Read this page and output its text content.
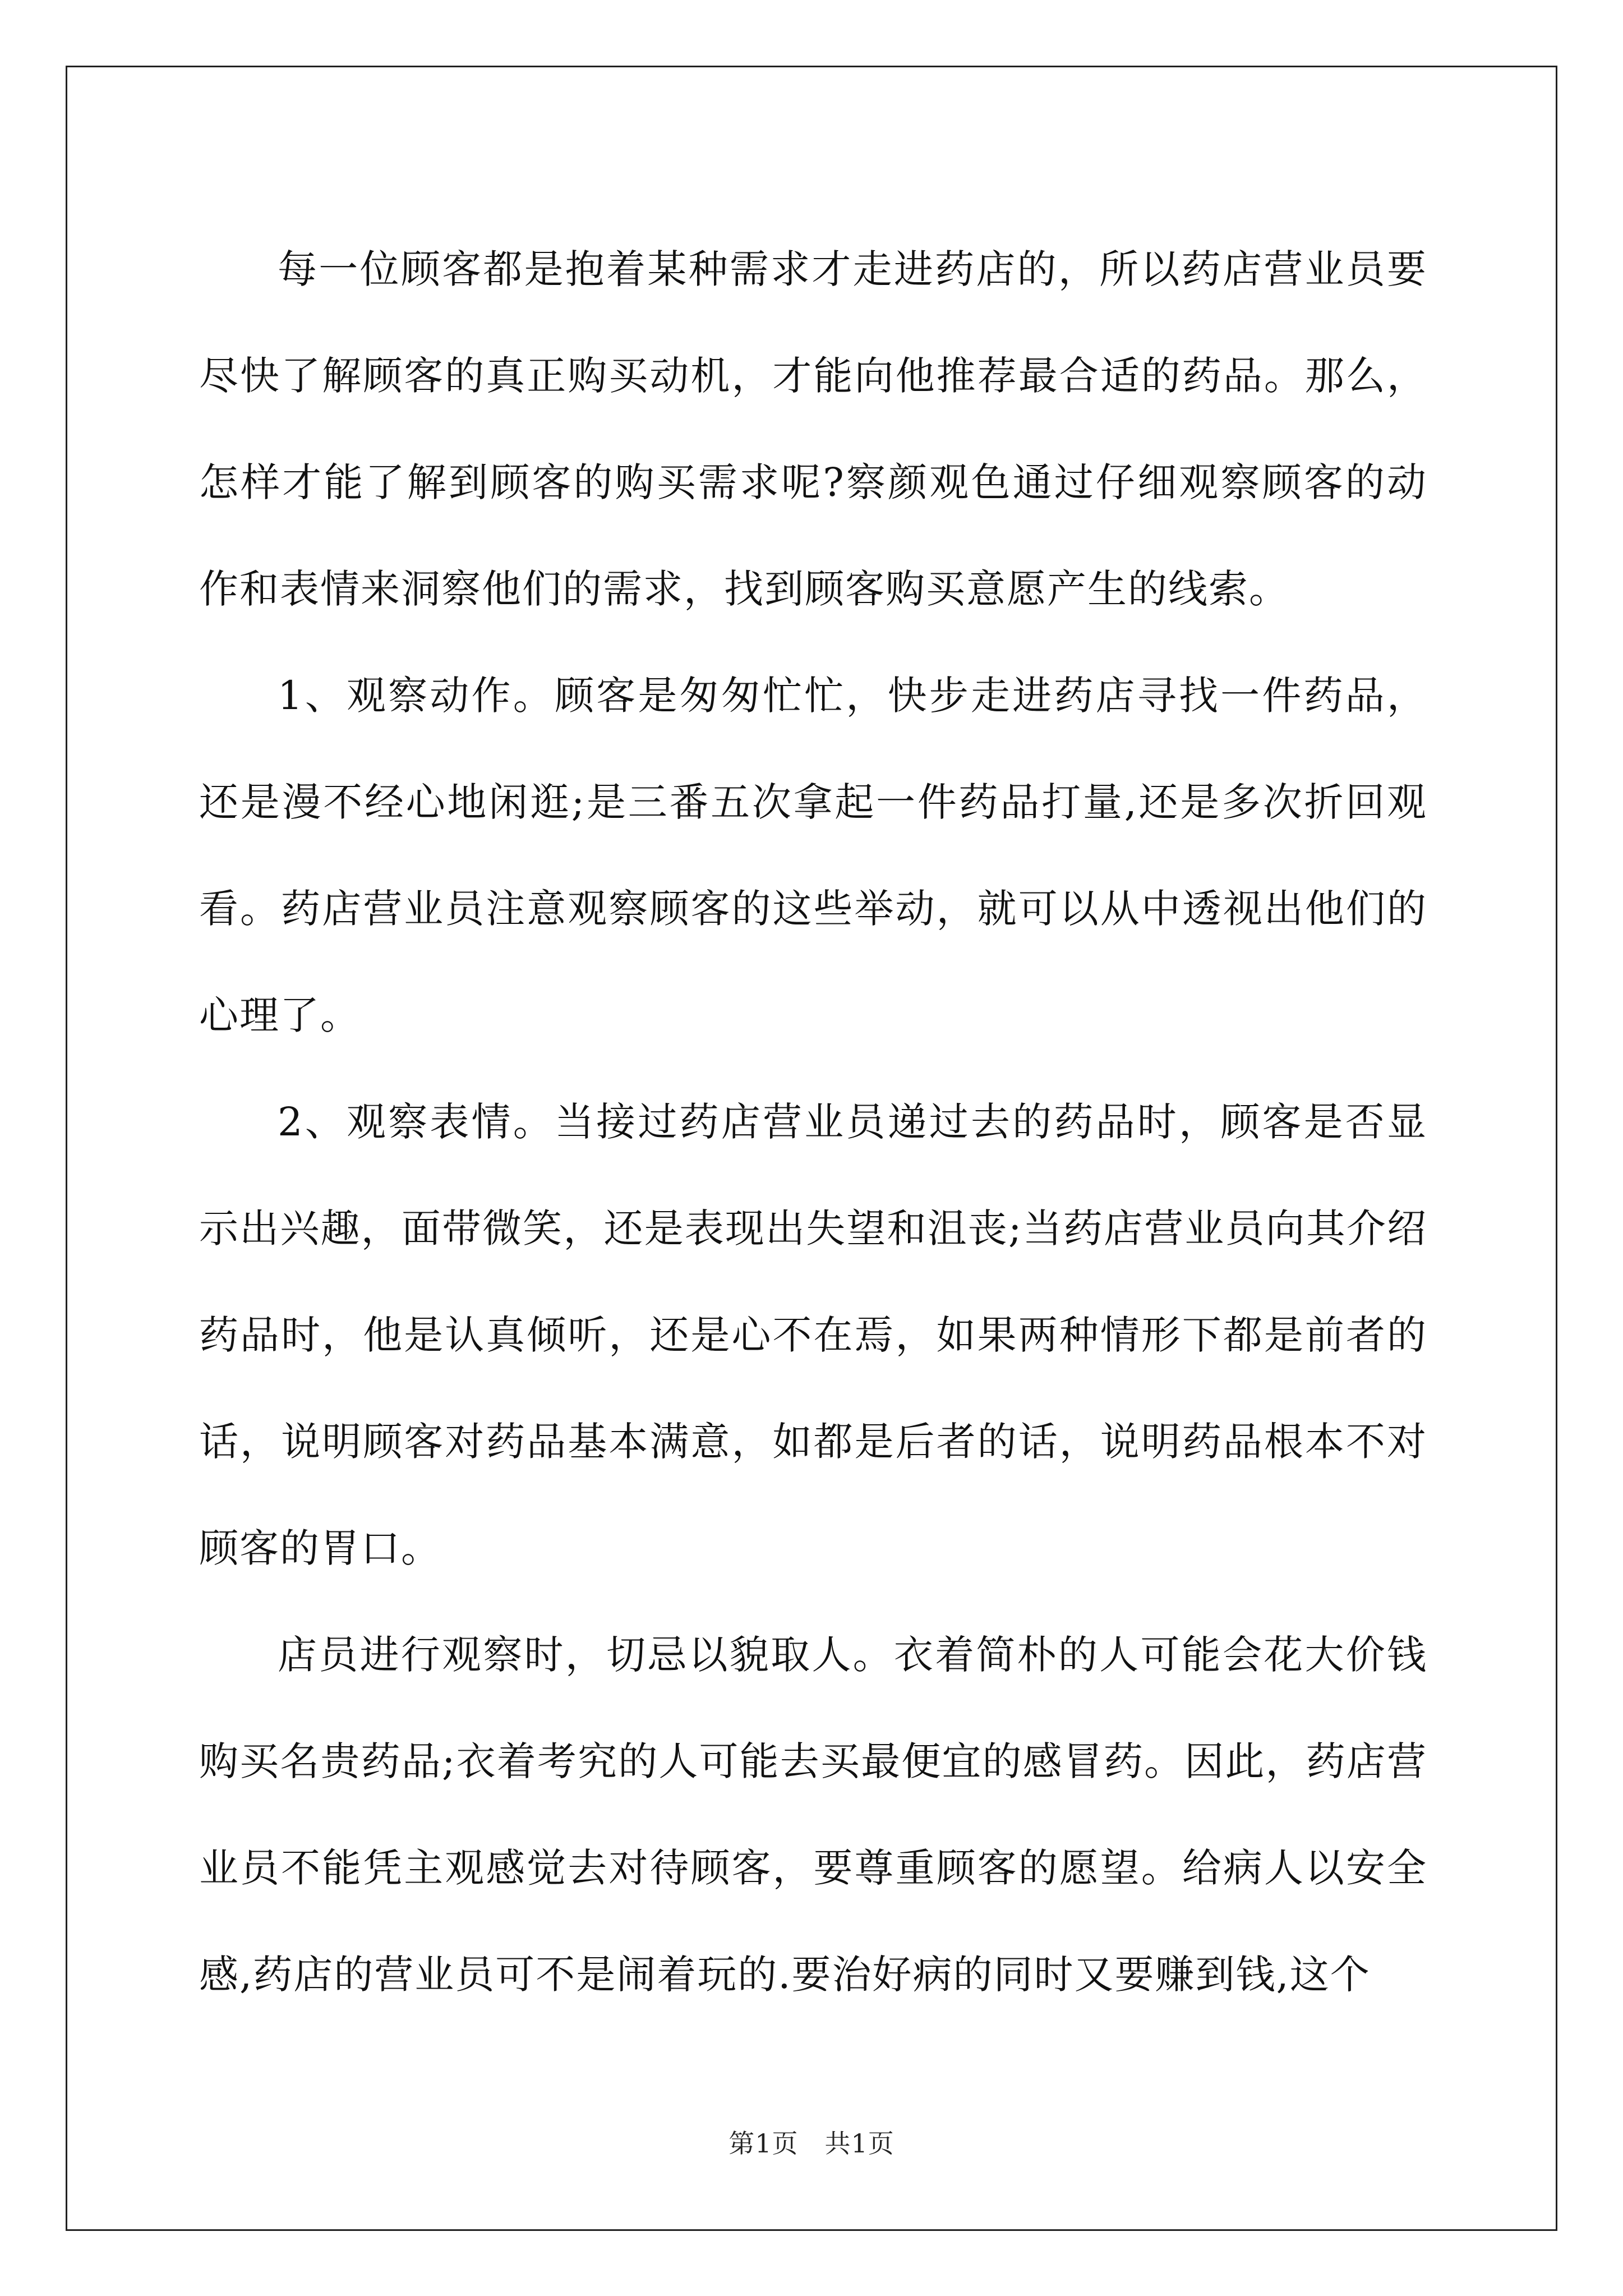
每一位顾客都是抱着某种需求才走进药店的，所以药店营业员要尽快了解顾客的真正购买动机，才能向他推荐最合适的药品。那么，怎样才能了解到顾客的购买需求呢?察颜观色通过仔细观察顾客的动作和表情来洞察他们的需求，找到顾客购买意愿产生的线索。

1、观察动作。顾客是匆匆忙忙，快步走进药店寻找一件药品，还是漫不经心地闲逛;是三番五次拿起一件药品打量,还是多次折回观看。药店营业员注意观察顾客的这些举动，就可以从中透视出他们的心理了。

2、观察表情。当接过药店营业员递过去的药品时，顾客是否显示出兴趣，面带微笑，还是表现出失望和沮丧;当药店营业员向其介绍药品时，他是认真倾听，还是心不在焉，如果两种情形下都是前者的话，说明顾客对药品基本满意，如都是后者的话，说明药品根本不对顾客的胃口。

店员进行观察时，切忌以貌取人。衣着简朴的人可能会花大价钱购买名贵药品;衣着考究的人可能去买最便宜的感冒药。因此，药店营业员不能凭主观感觉去对待顾客，要尊重顾客的愿望。给病人以安全感,药店的营业员可不是闹着玩的.要治好病的同时又要赚到钱,这个

第1页　共1页
